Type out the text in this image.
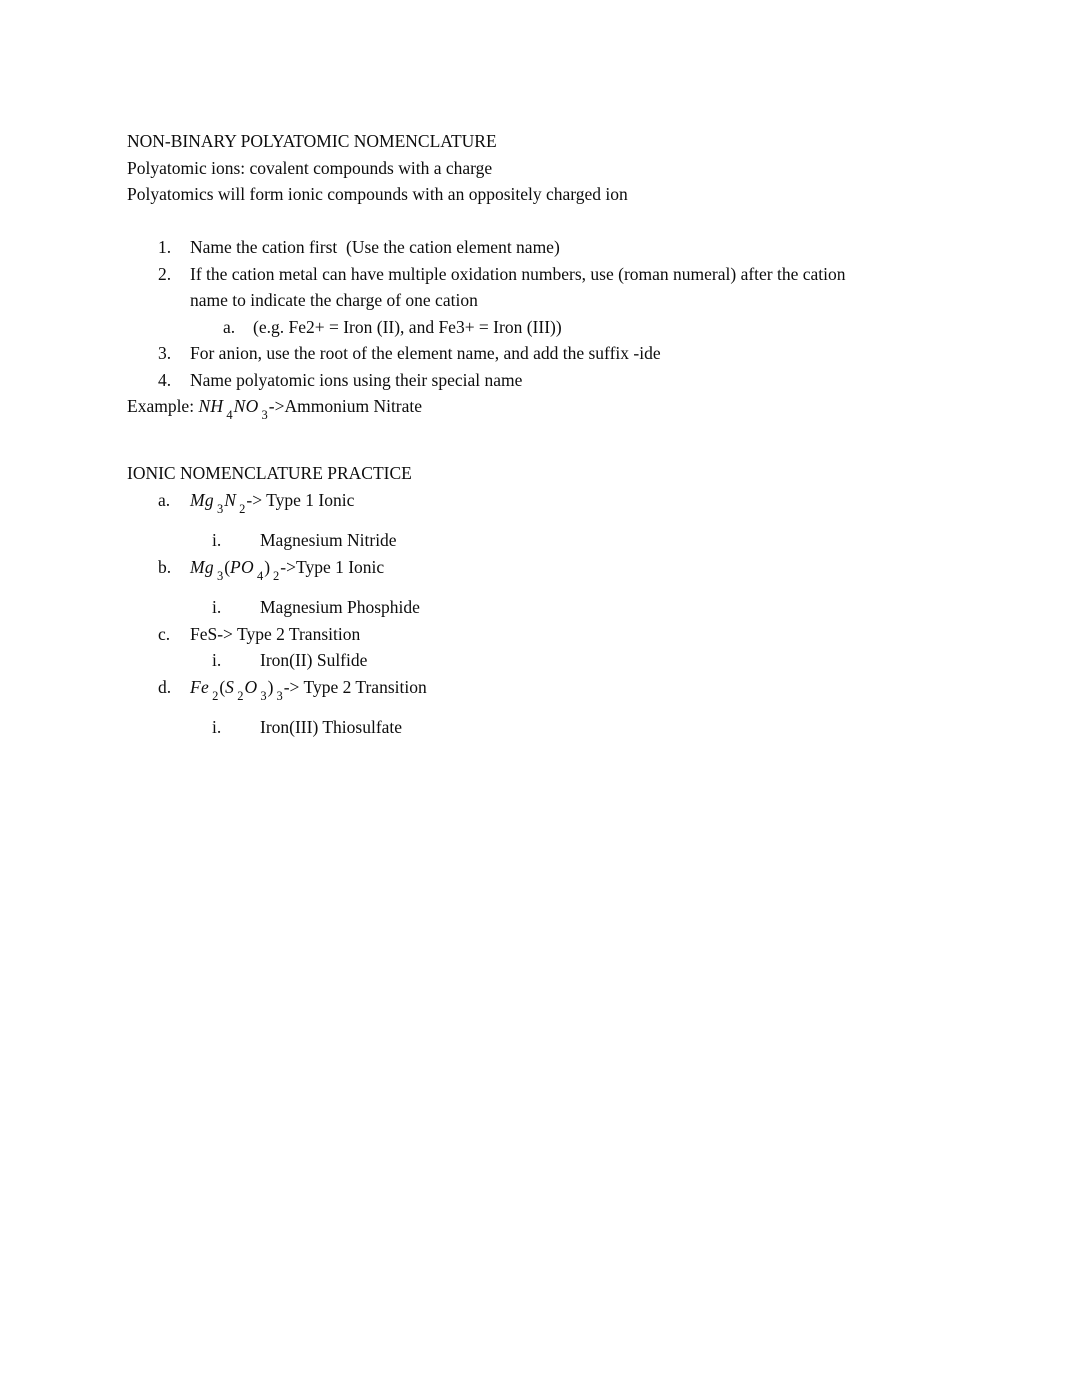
NON-BINARY POLYATOMIC NOMENCLATURE
Polyatomic ions: covalent compounds with a charge
Polyatomics will form ionic compounds with an oppositely charged ion
1. Name the cation first  (Use the cation element name)
2. If the cation metal can have multiple oxidation numbers, use (roman numeral) after the cation
name to indicate the charge of one cation
a. (e.g. Fe2+ = Iron (II), and Fe3+ = Iron (III))
3. For anion, use the root of the element name, and add the suffix -ide
4. Name polyatomic ions using their special name
Example: NH $_4$NO $_3$->Ammonium Nitrate
IONIC NOMENCLATURE PRACTICE
a. Mg $_3$N $_2$-> Type 1 Ionic
i. Magnesium Nitride
b. Mg $_3$(PO $_4$) $_2$->Type 1 Ionic
i. Magnesium Phosphide
c. FeS-> Type 2 Transition
i. Iron(II) Sulfide
d. Fe $_2$(S $_2$O $_3$) $_3$-> Type 2 Transition
i. Iron(III) Thiosulfate
